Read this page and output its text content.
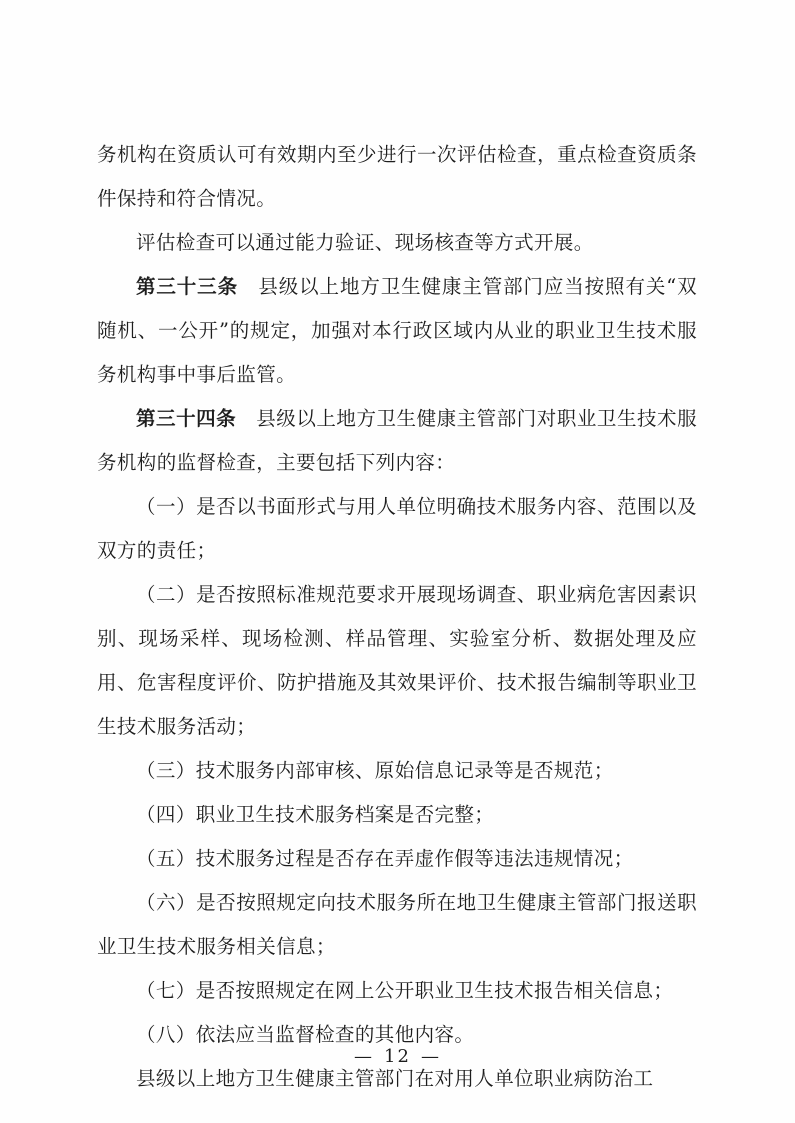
务机构在资质认可有效期内至少进行一次评估检查，重点检查资质条件保持和符合情况。

评估检查可以通过能力验证、现场核查等方式开展。

第三十三条　 县级以上地方卫生健康主管部门应当按照有关“双随机、一公开”的规定，加强对本行政区域内从业的职业卫生技术服务机构事中事后监管。

第三十四条　 县级以上地方卫生健康主管部门对职业卫生技术服务机构的监督检查，主要包括下列内容：

（一）是否以书面形式与用人单位明确技术服务内容、范围以及双方的责任；

（二）是否按照标准规范要求开展现场调查、职业病危害因素识别、现场采样、现场检测、样品管理、实验室分析、数据处理及应用、危害程度评价、防护措施及其效果评价、技术报告编制等职业卫生技术服务活动；

（三）技术服务内部审核、原始信息记录等是否规范；

（四）职业卫生技术服务档案是否完整；

（五）技术服务过程是否存在弄虚作假等违法违规情况；

（六）是否按照规定向技术服务所在地卫生健康主管部门报送职业卫生技术服务相关信息；

（七）是否按照规定在网上公开职业卫生技术报告相关信息；

（八）依法应当监督检查的其他内容。

县级以上地方卫生健康主管部门在对用人单位职业病防治工

— 12 —
